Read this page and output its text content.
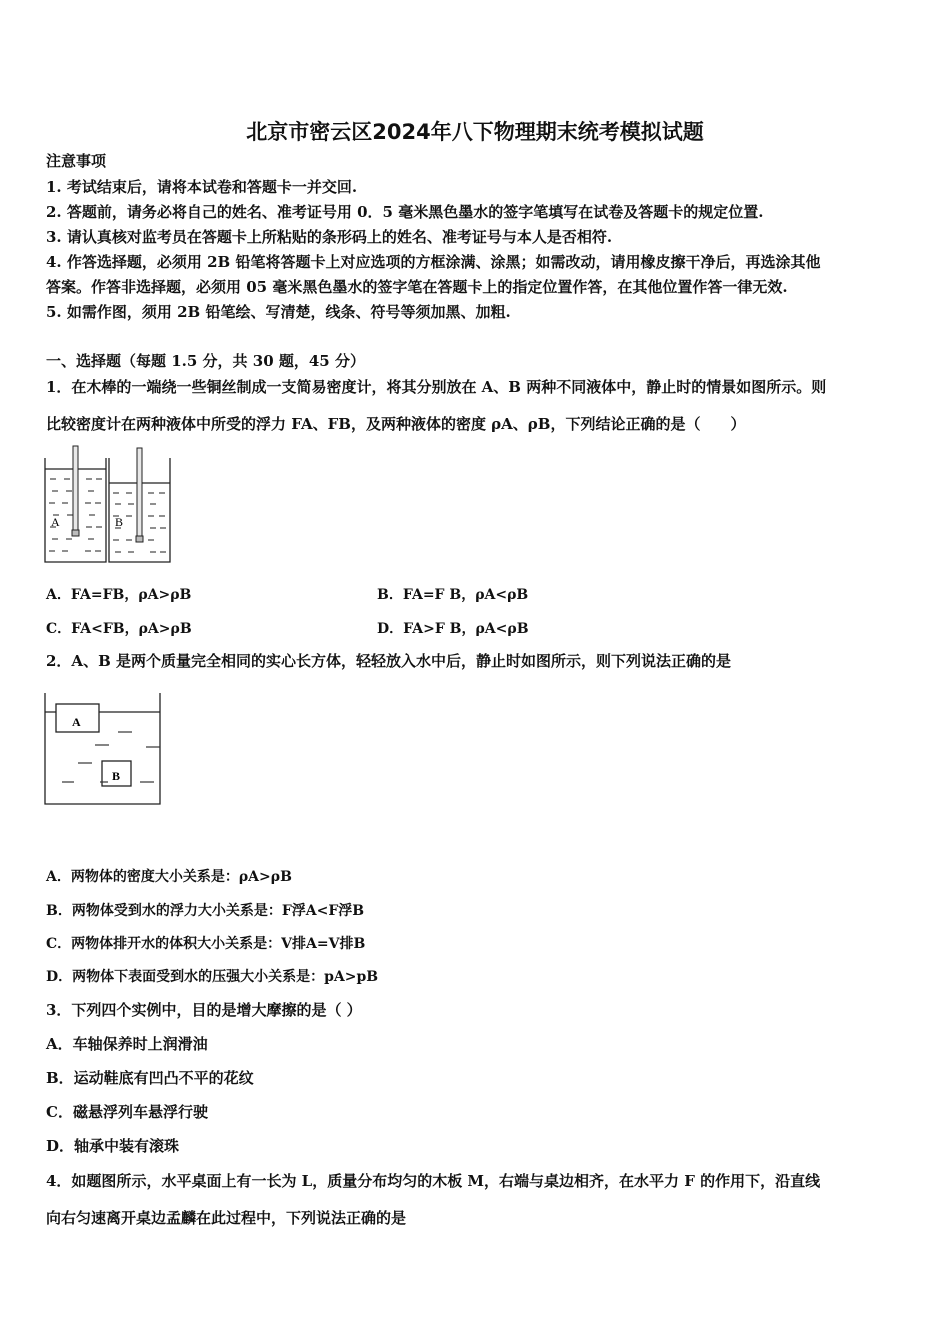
北京市密云区2024年八下物理期末统考模拟试题
注意事项
1. 考试结束后，请将本试卷和答题卡一并交回.
2. 答题前，请务必将自己的姓名、准考证号用 0．5 毫米黑色墨水的签字笔填写在试卷及答题卡的规定位置.
3. 请认真核对监考员在答题卡上所粘贴的条形码上的姓名、准考证号与本人是否相符.
4. 作答选择题，必须用 2B 铅笔将答题卡上对应选项的方框涂满、涂黑；如需改动，请用橡皮擦干净后，再选涂其他
答案。作答非选择题，必须用 05 毫米黑色墨水的签字笔在答题卡上的指定位置作答，在其他位置作答一律无效.
5. 如需作图，须用 2B 铅笔绘、写清楚，线条、符号等须加黑、加粗.
一、选择题（每题 1.5 分，共 30 题，45 分）
1．在木棒的一端绕一些铜丝制成一支简易密度计，将其分别放在 A、B 两种不同液体中，静止时的情景如图所示。则
比较密度计在两种液体中所受的浮力 FA、FB，及两种液体的密度 ρA、ρB，下列结论正确的是（　　）
A	B
A．FA=FB，ρA>ρB	B．FA=F B，ρA<ρB
C．FA<FB，ρA>ρB	D．FA>F B，ρA<ρB
2．A、B 是两个质量完全相同的实心长方体，轻轻放入水中后，静止时如图所示，则下列说法正确的是
A
B
A．两物体的密度大小关系是：ρA>ρB
B．两物体受到水的浮力大小关系是：F浮A<F浮B
C．两物体排开水的体积大小关系是：V排A=V排B
D．两物体下表面受到水的压强大小关系是：pA>pB
3．下列四个实例中，目的是增大摩擦的是（ ）
A．车轴保养时上润滑油
B．运动鞋底有凹凸不平的花纹
C．磁悬浮列车悬浮行驶
D．轴承中装有滚珠
4．如题图所示，水平桌面上有一长为 L，质量分布均匀的木板 M，右端与桌边相齐，在水平力 F 的作用下，沿直线
向右匀速离开桌边孟麟在此过程中，下列说法正确的是
